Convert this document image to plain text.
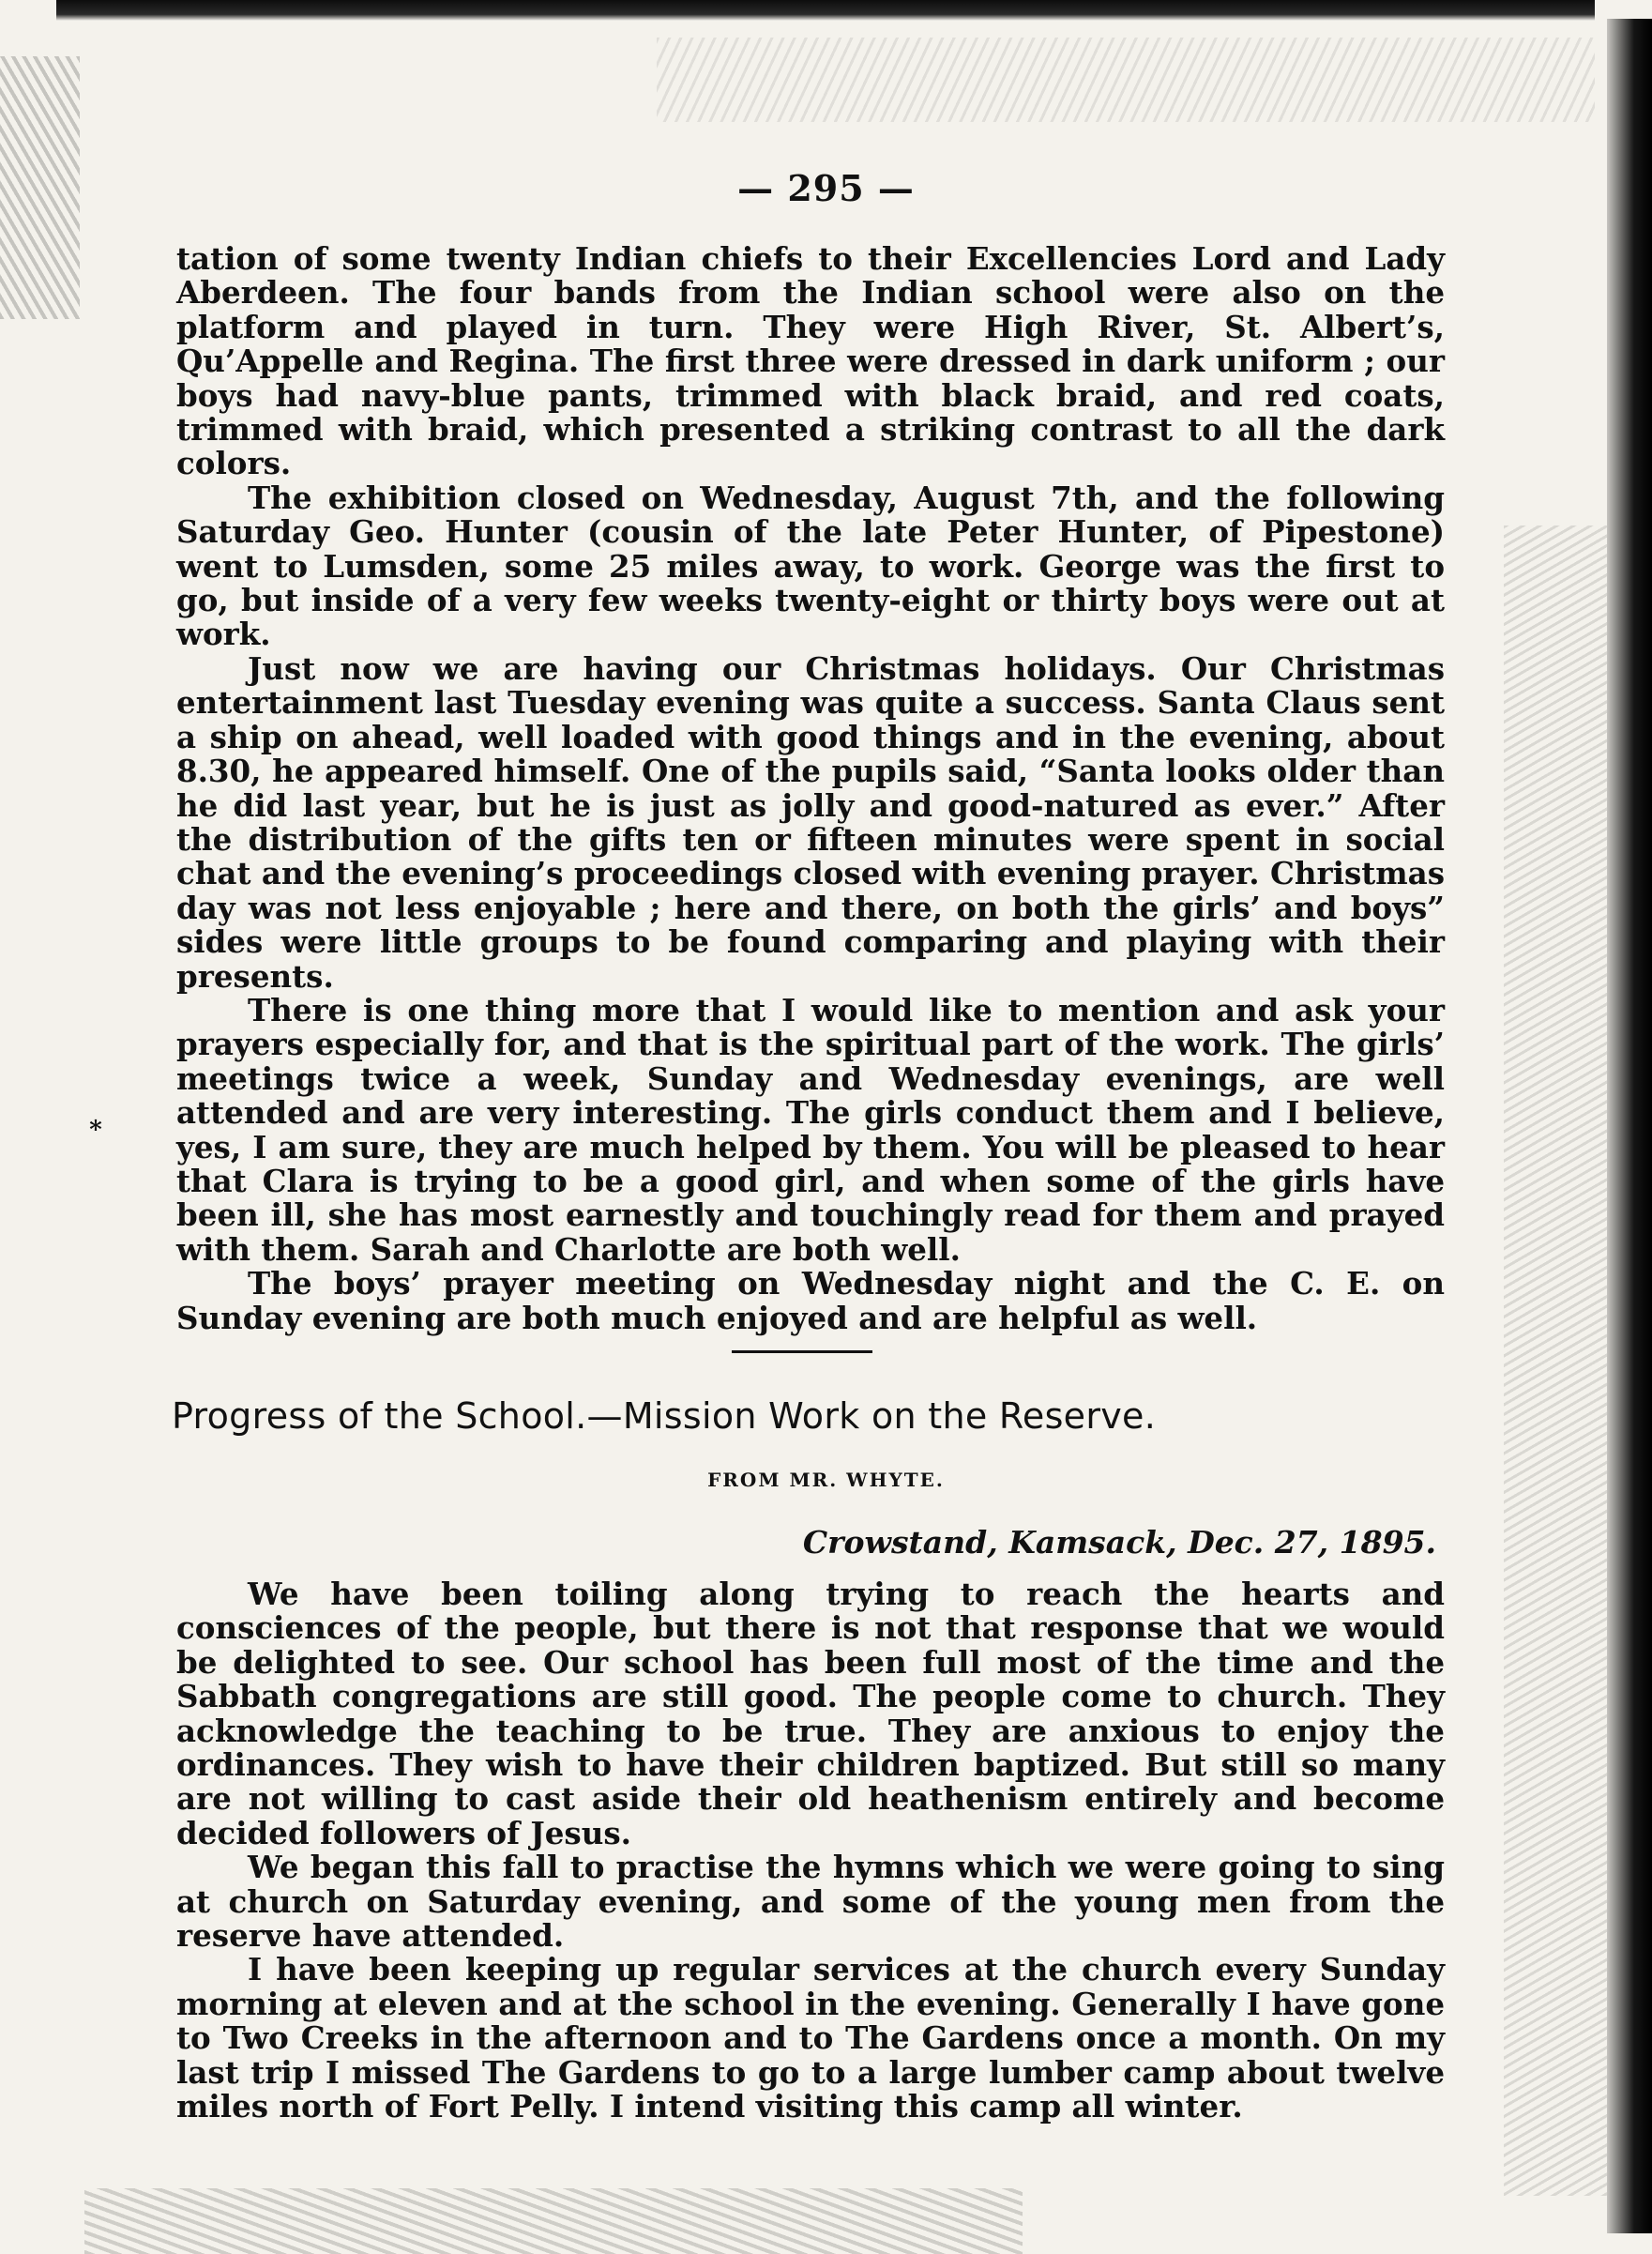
— 295 —

tation of some twenty Indian chiefs to their Excellencies Lord and Lady Aberdeen. The four bands from the Indian school were also on the platform and played in turn. They were High River, St. Albert’s, Qu’Appelle and Regina. The first three were dressed in dark uniform ; our boys had navy-blue pants, trimmed with black braid, and red coats, trimmed with braid, which presented a striking contrast to all the dark colors.

The exhibition closed on Wednesday, August 7th, and the following Saturday Geo. Hunter (cousin of the late Peter Hunter, of Pipestone) went to Lumsden, some 25 miles away, to work. George was the first to go, but inside of a very few weeks twenty-eight or thirty boys were out at work.

Just now we are having our Christmas holidays. Our Christmas entertainment last Tuesday evening was quite a success. Santa Claus sent a ship on ahead, well loaded with good things and in the evening, about 8.30, he appeared himself. One of the pupils said, “Santa looks older than he did last year, but he is just as jolly and good-natured as ever.” After the distribution of the gifts ten or fifteen minutes were spent in social chat and the evening’s proceedings closed with evening prayer. Christmas day was not less enjoyable ; here and there, on both the girls’ and boys” sides were little groups to be found comparing and playing with their presents.

There is one thing more that I would like to mention and ask your prayers especially for, and that is the spiritual part of the work. The girls’ meetings twice a week, Sunday and Wednesday evenings, are well attended and are very interesting. The girls conduct them and I believe, yes, I am sure, they are much helped by them. You will be pleased to hear that Clara is trying to be a good girl, and when some of the girls have been ill, she has most earnestly and touchingly read for them and prayed with them. Sarah and Charlotte are both well.

The boys’ prayer meeting on Wednesday night and the C. E. on Sunday evening are both much enjoyed and are helpful as well.

∗
Progress of the School.—Mission Work on the Reserve.
FROM MR. WHYTE.
Crowstand, Kamsack, Dec. 27, 1895.

We have been toiling along trying to reach the hearts and consciences of the people, but there is not that response that we would be delighted to see. Our school has been full most of the time and the Sabbath congregations are still good. The people come to church. They acknowledge the teaching to be true. They are anxious to enjoy the ordinances. They wish to have their children baptized. But still so many are not willing to cast aside their old heathenism entirely and become decided followers of Jesus.

We began this fall to practise the hymns which we were going to sing at church on Saturday evening, and some of the young men from the reserve have attended.

I have been keeping up regular services at the church every Sunday morning at eleven and at the school in the evening. Generally I have gone to Two Creeks in the afternoon and to The Gardens once a month. On my last trip I missed The Gardens to go to a large lumber camp about twelve miles north of Fort Pelly. I intend visiting this camp all winter.
